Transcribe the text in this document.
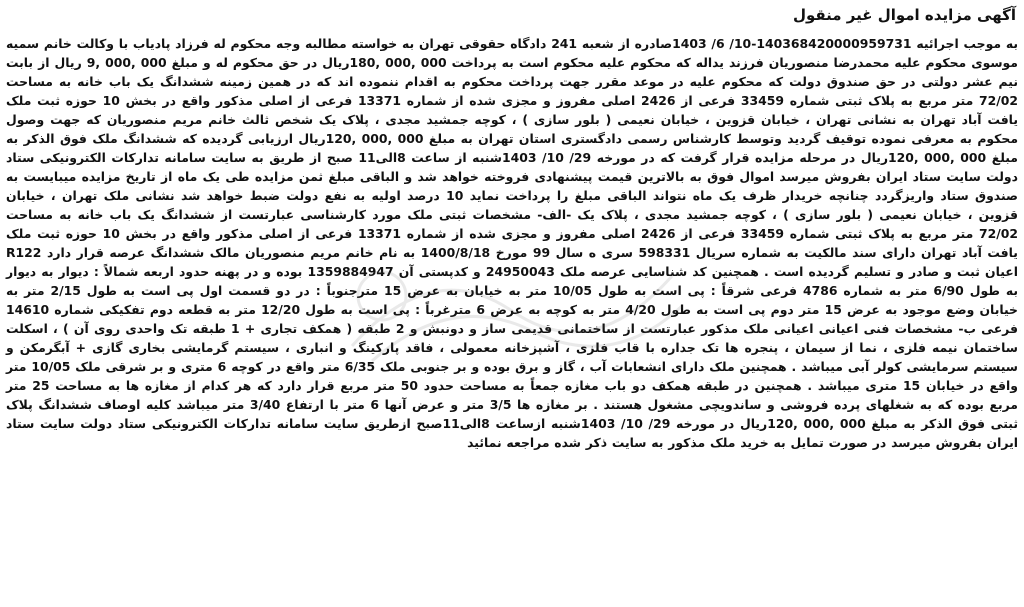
آگهی مزایده اموال غیر منقول

به موجب اجرائیه 140368420000959731-10/ 6/ 1403صادره از شعبه 241 دادگاه حقوقی تهران به خواسته مطالبه وجه محکوم له فرزاد پادیاب با وکالت خانم سمیه موسوی محکوم علیه محمدرضا منصوریان فرزند یداله که محکوم علیه محکوم است به پرداخت 000 ,000 ,180ریال در حق محکوم له و مبلغ 000 ,000 ,9 ریال از بابت نیم عشر دولتی در حق صندوق دولت که محکوم علیه در موعد مقرر جهت پرداخت محکوم به اقدام ننموده اند که در همین زمینه ششدانگ یک باب خانه به مساحت 72/02 متر مربع به پلاک ثبتی شماره 33459 فرعی از 2426 اصلی مفروز و مجزی شده از شماره 13371 فرعی از اصلی مذکور واقع در بخش 10 حوزه ثبت ملک یافت آباد تهران به نشانی تهران ، خیابان قزوین ، خیابان نعیمی ( بلور سازی ) ، کوچه جمشید مجدی ، پلاک یک شخص ثالث خانم مریم منصوریان که جهت وصول محکوم به معرفی نموده توقیف گردید وتوسط کارشناس رسمی دادگستری استان تهران به مبلغ 000 ,000 ,120ریال ارزیابی گردیده که ششدانگ ملک فوق الذکر به مبلغ 000 ,000 ,120ریال در مرحله مزایده قرار گرفت که در مورخه 29/ 10/ 1403شنبه از ساعت 8الی11 صبح از طریق به سایت سامانه تدارکات الکترونیکی ستاد دولت سایت ستاد ایران بفروش میرسد اموال فوق به بالاترین قیمت پیشنهادی فروخته خواهد شد و الباقی مبلغ ثمن مزایده طی یک ماه از تاریخ مزایده میبایست به صندوق ستاد واریزگردد چنانچه خریدار ظرف یک ماه نتواند الباقی مبلغ را پرداخت نماید 10 درصد اولیه به نفع دولت ضبط خواهد شد نشانی ملک تهران ، خیابان قزوین ، خیابان نعیمی ( بلور سازی ) ، کوچه جمشید مجدی ، پلاک یک -الف- مشخصات ثبتی ملک مورد کارشناسی عبارتست از ششدانگ یک باب خانه به مساحت 72/02 متر مربع به پلاک ثبتی شماره 33459 فرعی از 2426 اصلی مفروز و مجزی شده از شماره 13371 فرعی از اصلی مذکور واقع در بخش 10 حوزه ثبت ملک یافت آباد تهران دارای سند مالکیت به شماره سریال 598331 سری ه سال 99 مورخ 1400/8/18 به نام خانم مریم منصوریان مالک ششدانگ عرصه قرار دارد R122 اعیان ثبت و صادر و تسلیم گردیده است . همچنین کد شناسایی عرصه ملک 24950043 و کدپستی آن 1359884947 بوده و در پهنه حدود اربعه شمالاً : دیوار به دیوار به طول 6/90 متر به شماره 4786 فرعی شرقاً : پی است به طول 10/05 متر به خیابان به عرض 15 مترجنوباً : در دو قسمت اول پی است به طول 2/15 متر به خیابان وضع موجود به عرض 15 متر دوم پی است به طول 4/20 متر به کوچه به عرض 6 مترغرباً : پی است به طول 12/20 متر به قطعه دوم تفکیکی شماره 14610 فرعی ب- مشخصات فنی اعیانی اعیانی ملک مذکور عبارتست از ساختمانی قدیمی ساز و دونبش و 2 طبقه ( همکف تجاری + 1 طبقه تک واحدی روی آن ) ، اسکلت ساختمان نیمه فلزی ، نما از سیمان ، پنجره ها تک جداره با قاب فلزی ، آشپزخانه معمولی ، فاقد پارکینگ و انباری ، سیستم گرمایشی بخاری گازی + آبگرمکن و سیستم سرمایشی کولر آبی میباشد . همچنین ملک دارای انشعابات آب ، گاز و برق بوده و بر جنوبی ملک 6/35 متر واقع در کوچه 6 متری و بر شرقی ملک 10/05 متر واقع در خیابان 15 متری میباشد . همچنین در طبقه همکف دو باب مغازه جمعاً به مساحت حدود 50 متر مربع قرار دارد که هر کدام از مغازه ها به مساحت 25 متر مربع بوده که به شغلهای پرده فروشی و ساندویچی مشغول هستند . بر مغازه ها 3/5 متر و عرض آنها 6 متر با ارتفاع 3/40 متر میباشد کلیه اوصاف ششدانگ پلاک ثبتی فوق الذکر به مبلغ 000 ,000 ,120ریال در مورخه 29/ 10/ 1403شنبه ازساعت 8الی11صبح ازطریق سایت سامانه تدارکات الکترونیکی ستاد دولت سایت ستاد ایران بفروش میرسد در صورت تمایل به خرید ملک مذکور به سایت ذکر شده مراجعه نمائید
